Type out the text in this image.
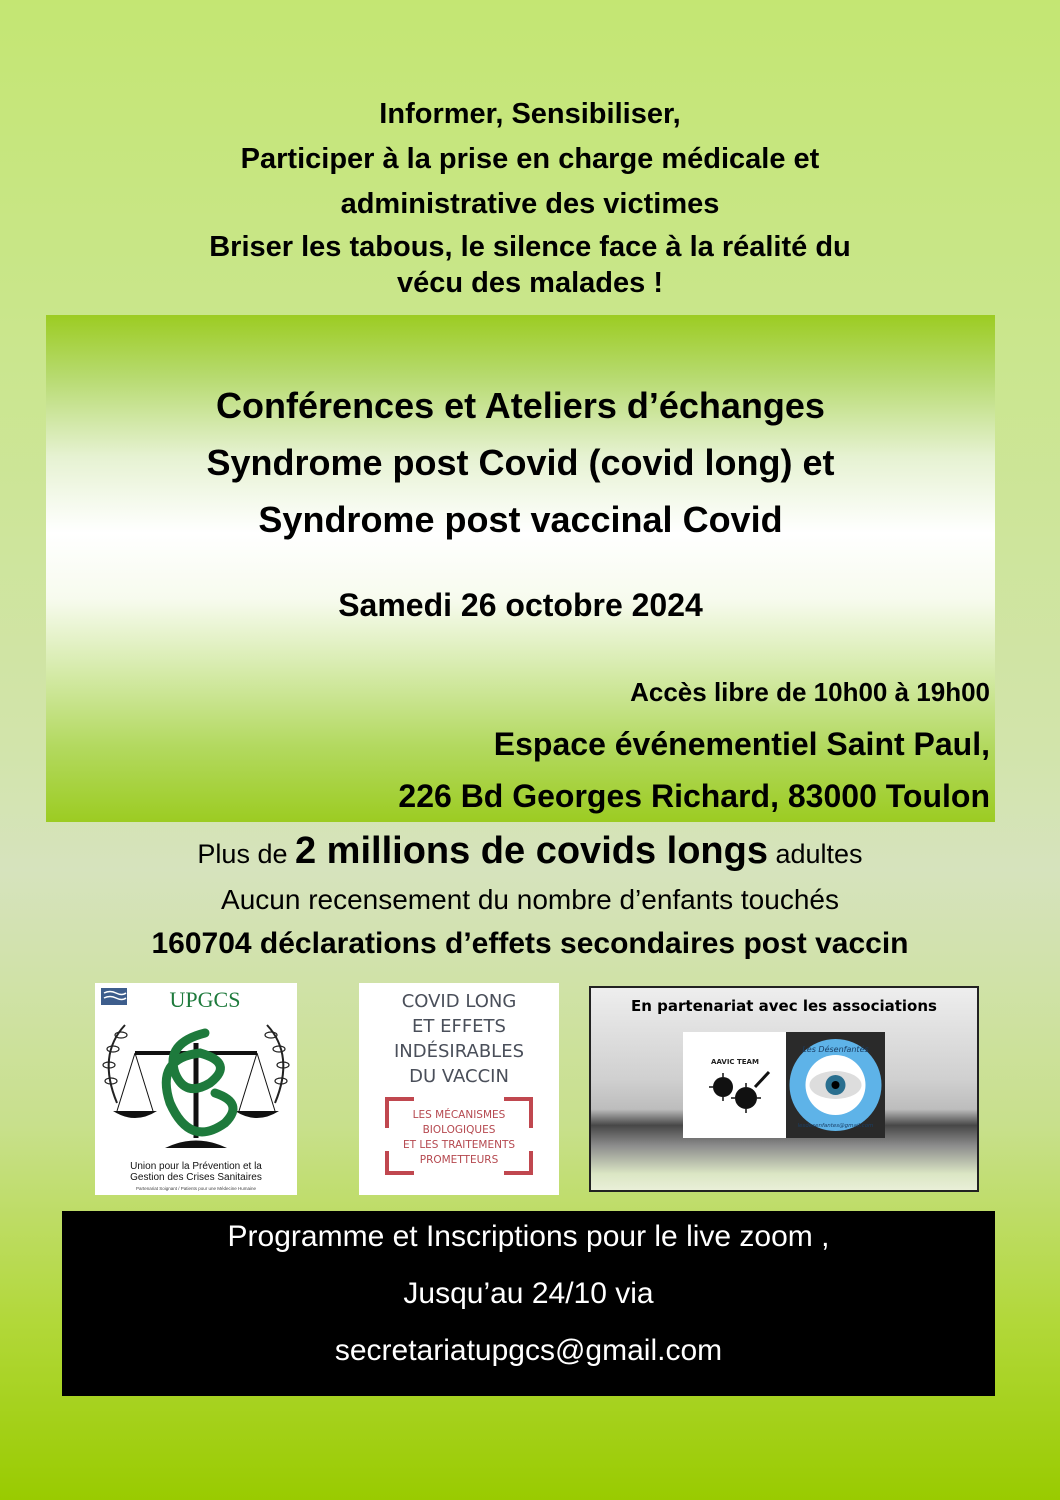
Informer, Sensibiliser,
Participer à la prise en charge médicale et
administrative des victimes
Briser les tabous, le silence face à la réalité du
vécu des malades !
Conférences et Ateliers d’échanges
Syndrome post Covid (covid long) et
Syndrome post vaccinal Covid
Samedi 26 octobre 2024
Accès libre de 10h00 à 19h00
Espace événementiel Saint Paul,
226 Bd Georges Richard, 83000 Toulon
Plus de 2 millions de covids longs adultes
Aucun recensement du nombre d’enfants touchés
160704 déclarations d’effets secondaires post vaccin
UPGCS
Union pour la Prévention et la
Gestion des Crises Sanitaires
Partenariat Soignant / Patients pour une Médecine Humaine
COVID LONG
ET EFFETS
INDÉSIRABLES
DU VACCIN
LES MÉCANISMES
BIOLOGIQUES
ET LES TRAITEMENTS
PROMETTEURS
En partenariat avec les associations
AAVIC TEAM
Les Désenfantés
lesdesenfantes@gmail.com
Programme et Inscriptions pour le live zoom ,
Jusqu’au 24/10 via
secretariatupgcs@gmail.com
